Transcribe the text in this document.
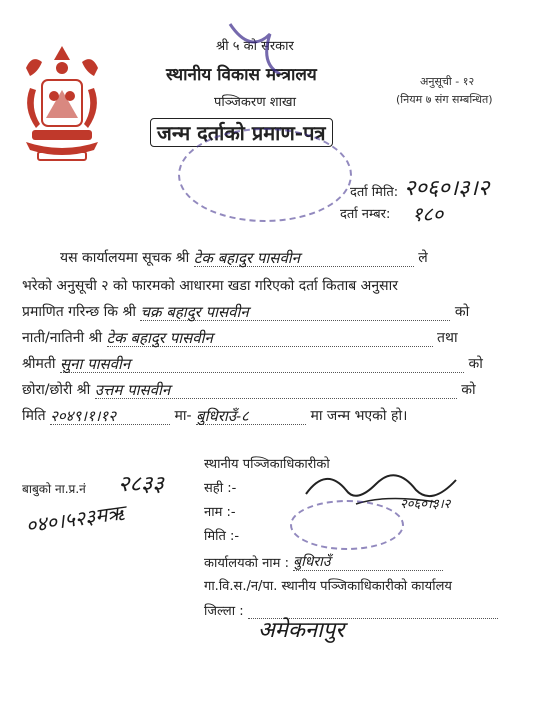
श्री ५ को सरकार
स्थानीय विकास मन्त्रालय
पञ्जिकरण शाखा
जन्म दर्ताको प्रमाण-पत्र
अनुसूची - १२
(नियम ७ संग सम्बन्धित)
दर्ता मिति: २०६०।३।२
दर्ता नम्बर: १८०
यस कार्यालयमा सूचक श्री टेक बहादुर पासवीन	ले
भरेको अनुसूची २ को फारमको आधारमा खडा गरिएको दर्ता किताब अनुसार
प्रमाणित गरिन्छ कि श्री चक्र बहादुर पासवीन	को
नाती/नातिनी श्री टेक बहादुर पासवीन	तथा
श्रीमती सुना पासवीन	को
छोरा/छोरी श्री उत्तम पासवीन	को
मिति २०४९।१।१२	मा- बुधिराउँ-८	मा जन्म भएको हो।
बाबुको ना.प्र.नं २८३३
०४०।५२३मऋ
स्थानीय पञ्जिकाधिकारीको
सही :-
नाम :-
मिति :-
२०६०।३।२
कार्यालयको नाम : बुधिराउँ
गा.वि.स./न/पा. स्थानीय पञ्जिकाधिकारीको कार्यालय
जिल्ला :
अमेकनापुर
